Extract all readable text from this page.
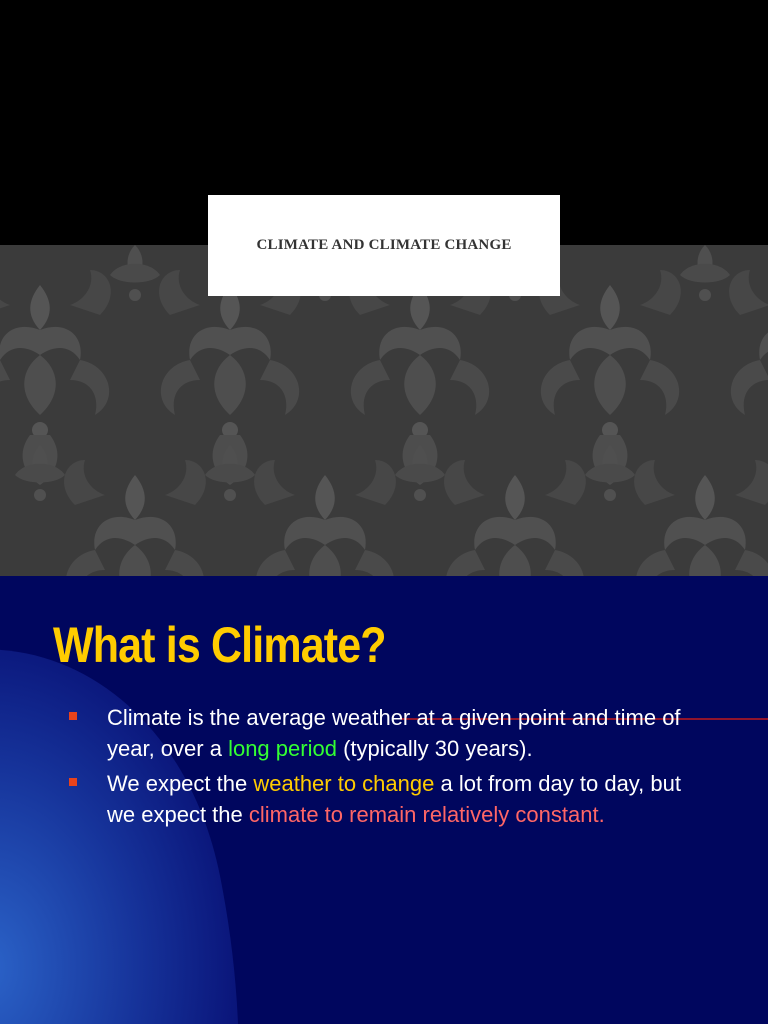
CLIMATE AND CLIMATE CHANGE
What is Climate?
Climate is the average weather at a given point and time of year, over a long period (typically 30 years).
We expect the weather to change a lot from day to day, but we expect the climate to remain relatively constant.
